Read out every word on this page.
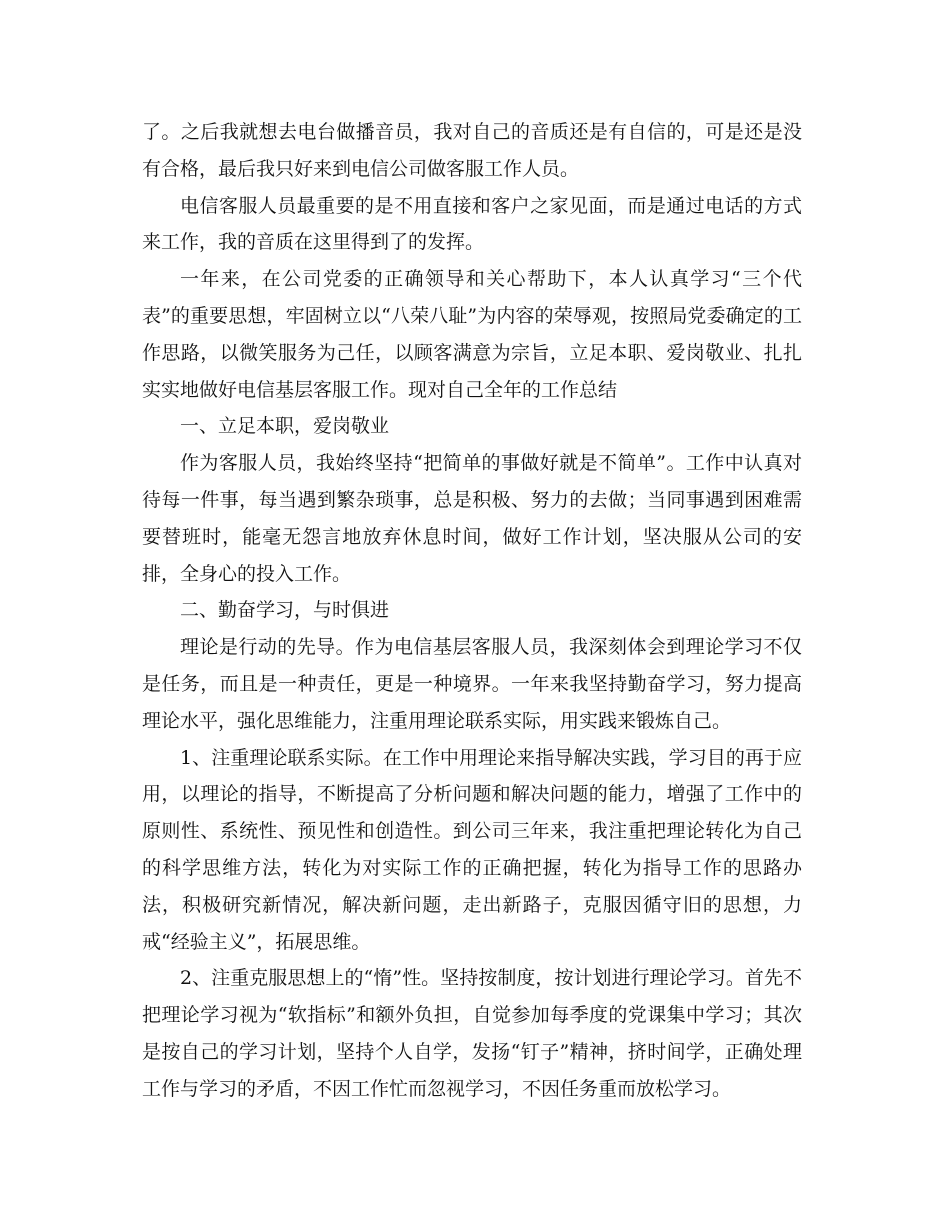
了。之后我就想去电台做播音员，我对自己的音质还是有自信的，可是还是没有合格，最后我只好来到电信公司做客服工作人员。

电信客服人员最重要的是不用直接和客户之家见面，而是通过电话的方式来工作，我的音质在这里得到了的发挥。

一年来，在公司党委的正确领导和关心帮助下，本人认真学习“三个代表”的重要思想，牢固树立以“八荣八耻”为内容的荣辱观，按照局党委确定的工作思路，以微笑服务为己任，以顾客满意为宗旨，立足本职、爱岗敬业、扎扎实实地做好电信基层客服工作。现对自己全年的工作总结

一、立足本职，爱岗敬业

作为客服人员，我始终坚持“把简单的事做好就是不简单”。工作中认真对待每一件事，每当遇到繁杂琐事，总是积极、努力的去做；当同事遇到困难需要替班时，能毫无怨言地放弃休息时间，做好工作计划，坚决服从公司的安排，全身心的投入工作。

二、勤奋学习，与时俱进

理论是行动的先导。作为电信基层客服人员，我深刻体会到理论学习不仅是任务，而且是一种责任，更是一种境界。一年来我坚持勤奋学习，努力提高理论水平，强化思维能力，注重用理论联系实际，用实践来锻炼自己。

1、注重理论联系实际。在工作中用理论来指导解决实践，学习目的再于应用，以理论的指导，不断提高了分析问题和解决问题的能力，增强了工作中的原则性、系统性、预见性和创造性。到公司三年来，我注重把理论转化为自己的科学思维方法，转化为对实际工作的正确把握，转化为指导工作的思路办法，积极研究新情况，解决新问题，走出新路子，克服因循守旧的思想，力戒“经验主义”，拓展思维。

2、注重克服思想上的“惰”性。坚持按制度，按计划进行理论学习。首先不把理论学习视为“软指标”和额外负担，自觉参加每季度的党课集中学习；其次是按自己的学习计划，坚持个人自学，发扬“钉子”精神，挤时间学，正确处理工作与学习的矛盾，不因工作忙而忽视学习，不因任务重而放松学习。
